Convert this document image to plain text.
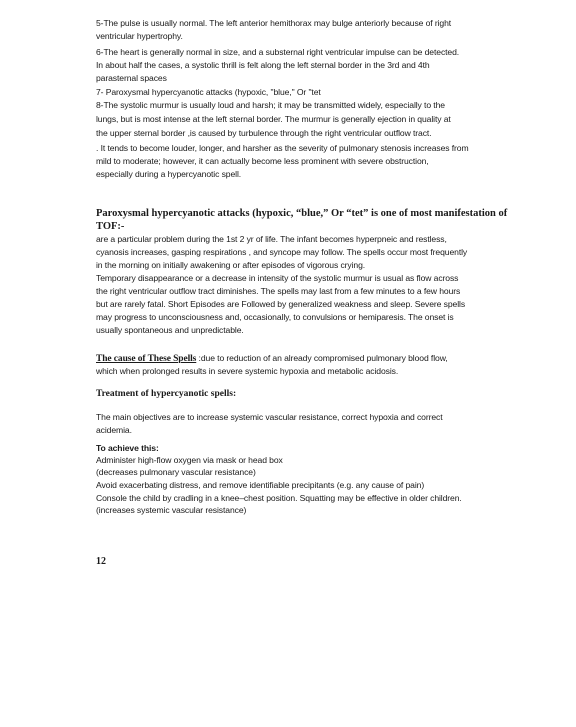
5-The pulse is usually normal. The left anterior hemithorax may bulge anteriorly because of right
ventricular hypertrophy.
6-The heart is generally normal in size, and a substernal right ventricular impulse can be detected.
In about half the cases, a systolic thrill is felt along the left sternal border in the 3rd and 4th
parasternal spaces
7- Paroxysmal hypercyanotic attacks (hypoxic, "blue," Or "tet
8-The systolic murmur is usually loud and harsh; it may be transmitted widely, especially to the
lungs, but is most intense at the left sternal border. The murmur is generally ejection in quality at
the upper sternal border ,is caused by turbulence through the right ventricular outflow tract.
. It tends to become louder, longer, and harsher as the severity of pulmonary stenosis increases from
mild to moderate; however, it can actually become less prominent with severe obstruction,
especially during a hypercyanotic spell.
Paroxysmal hypercyanotic attacks (hypoxic, “blue,” Or “tet” is one of most manifestation of
TOF:-
are a particular problem during the 1st 2 yr of life. The infant becomes hyperpneic and restless,
cyanosis increases, gasping respirations , and syncope may follow. The spells occur most frequently
in the morning on initially awakening or after episodes of vigorous crying.
Temporary disappearance or a decrease in intensity of the systolic murmur is usual as flow across
the right ventricular outflow tract diminishes. The spells may last from a few minutes to a few hours
but are rarely fatal. Short Episodes are Followed by generalized weakness and sleep. Severe spells
may progress to unconsciousness and, occasionally, to convulsions or hemiparesis. The onset is
usually spontaneous and unpredictable.
The cause of These Spells :due to reduction of an already compromised pulmonary blood flow,
which when prolonged results in severe systemic hypoxia and metabolic acidosis.
Treatment of hypercyanotic spells:
The main objectives are to increase systemic vascular resistance, correct hypoxia and correct
acidemia.
To achieve this:
Administer high-flow oxygen via mask or head box
(decreases pulmonary vascular resistance)
Avoid exacerbating distress, and remove identifiable precipitants (e.g. any cause of pain)
Console the child by cradling in a knee–chest position. Squatting may be effective in older children.
(increases systemic vascular resistance)
12
